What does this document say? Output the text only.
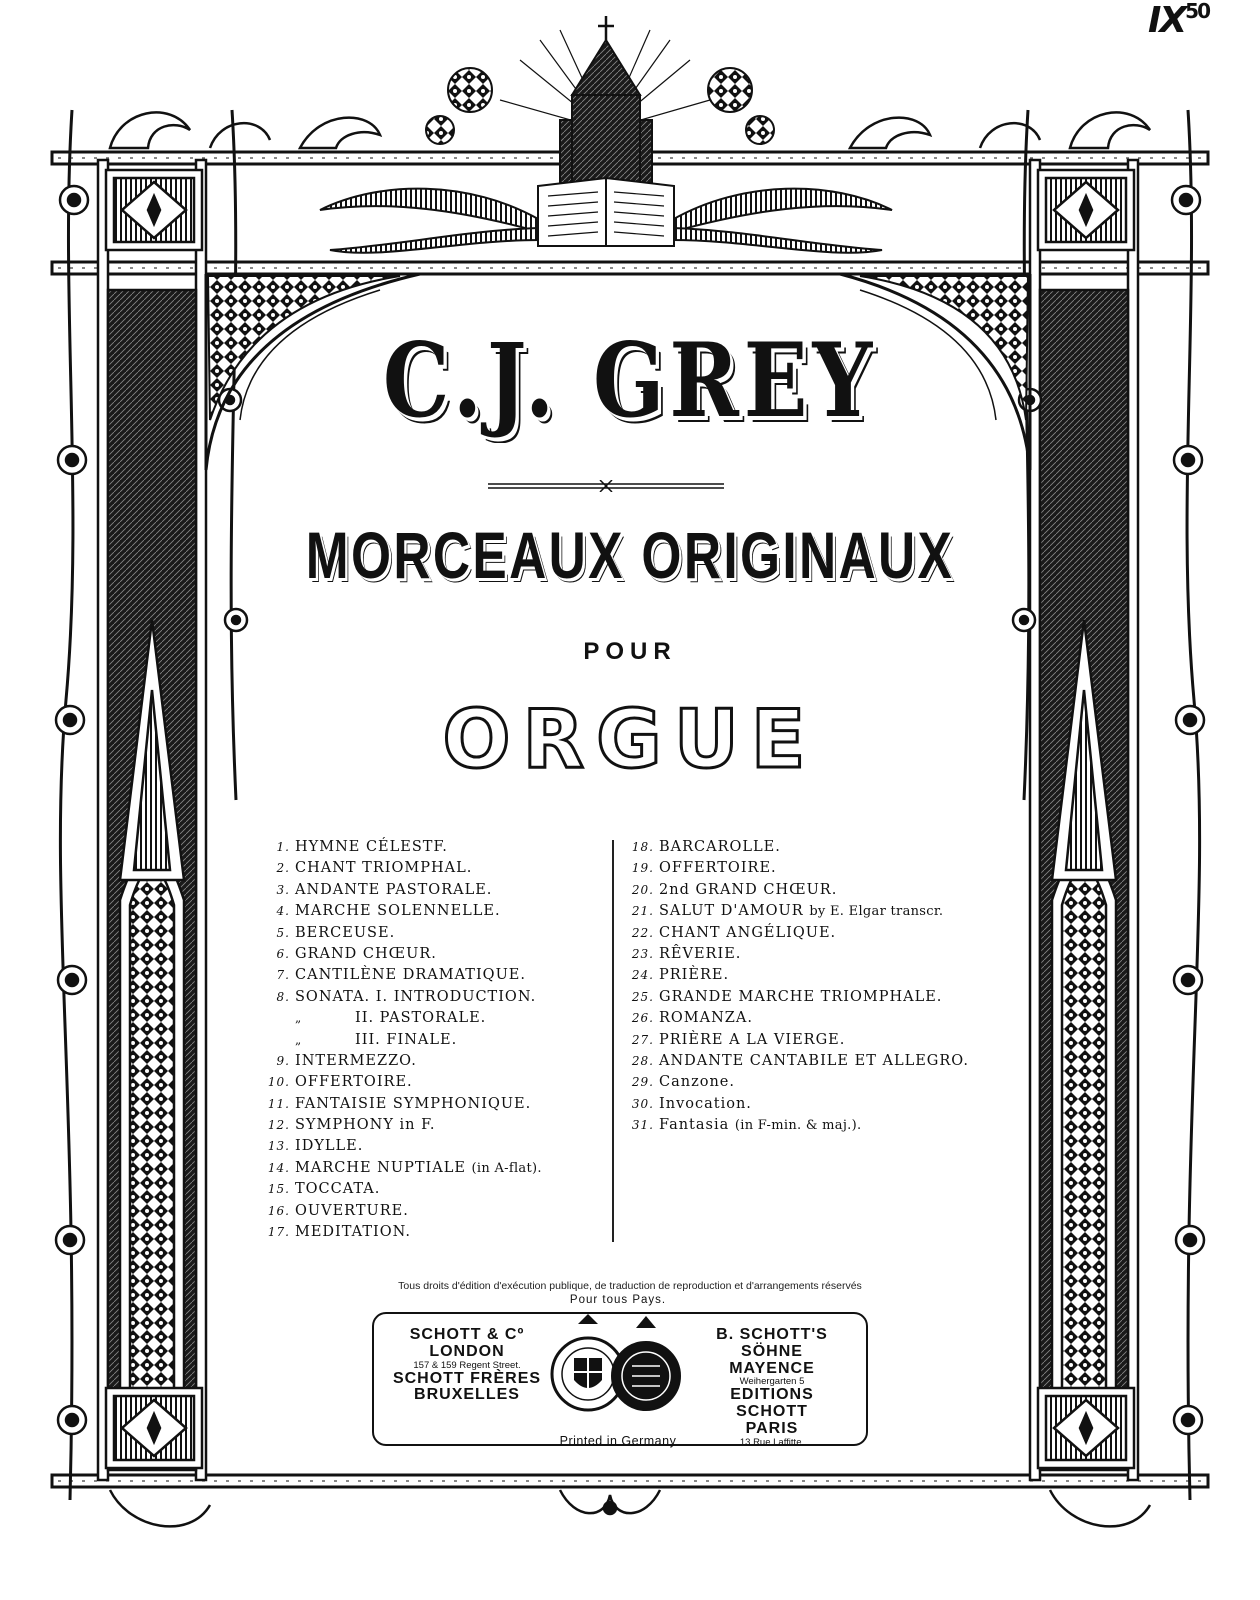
IX$^{50}$
C.J. GREY
MORCEAUX ORIGINAUX
POUR
ORGUE
1. HYMNE CÉLESTF.
2. CHANT TRIOMPHAL.
3. ANDANTE PASTORALE.
4. MARCHE SOLENNELLE.
5. BERCEUSE.
6. GRAND CHŒUR.
7. CANTILÈNE DRAMATIQUE.
8. SONATA. I. INTRODUCTION.
„	II. PASTORALE.
„	III. FINALE.
9. INTERMEZZO.
10. OFFERTOIRE.
11. FANTAISIE SYMPHONIQUE.
12. SYMPHONY in F.
13. IDYLLE.
14. MARCHE NUPTIALE (in A-flat).
15. TOCCATA.
16. OUVERTURE.
17. MEDITATION.
18. BARCAROLLE.
19. OFFERTOIRE.
20. 2nd GRAND CHŒUR.
21. SALUT D'AMOUR by E. Elgar transcr.
22. CHANT ANGÉLIQUE.
23. RÊVERIE.
24. PRIÈRE.
25. GRANDE MARCHE TRIOMPHALE.
26. ROMANZA.
27. PRIÈRE A LA VIERGE.
28. ANDANTE CANTABILE ET ALLEGRO.
29. Canzone.
30. Invocation.
31. Fantasia (in F-min. & maj.).
Tous droits d'édition d'exécution publique, de traduction de reproduction et d'arrangements réservés
Pour tous Pays.
SCHOTT & Cº
LONDON
157 & 159 Regent Street.
SCHOTT FRÈRES
BRUXELLES
B. SCHOTT'S SÖHNE
MAYENCE
Weihergarten 5
EDITIONS SCHOTT
PARIS
13 Rue Laffitte.
Printed in Germany
